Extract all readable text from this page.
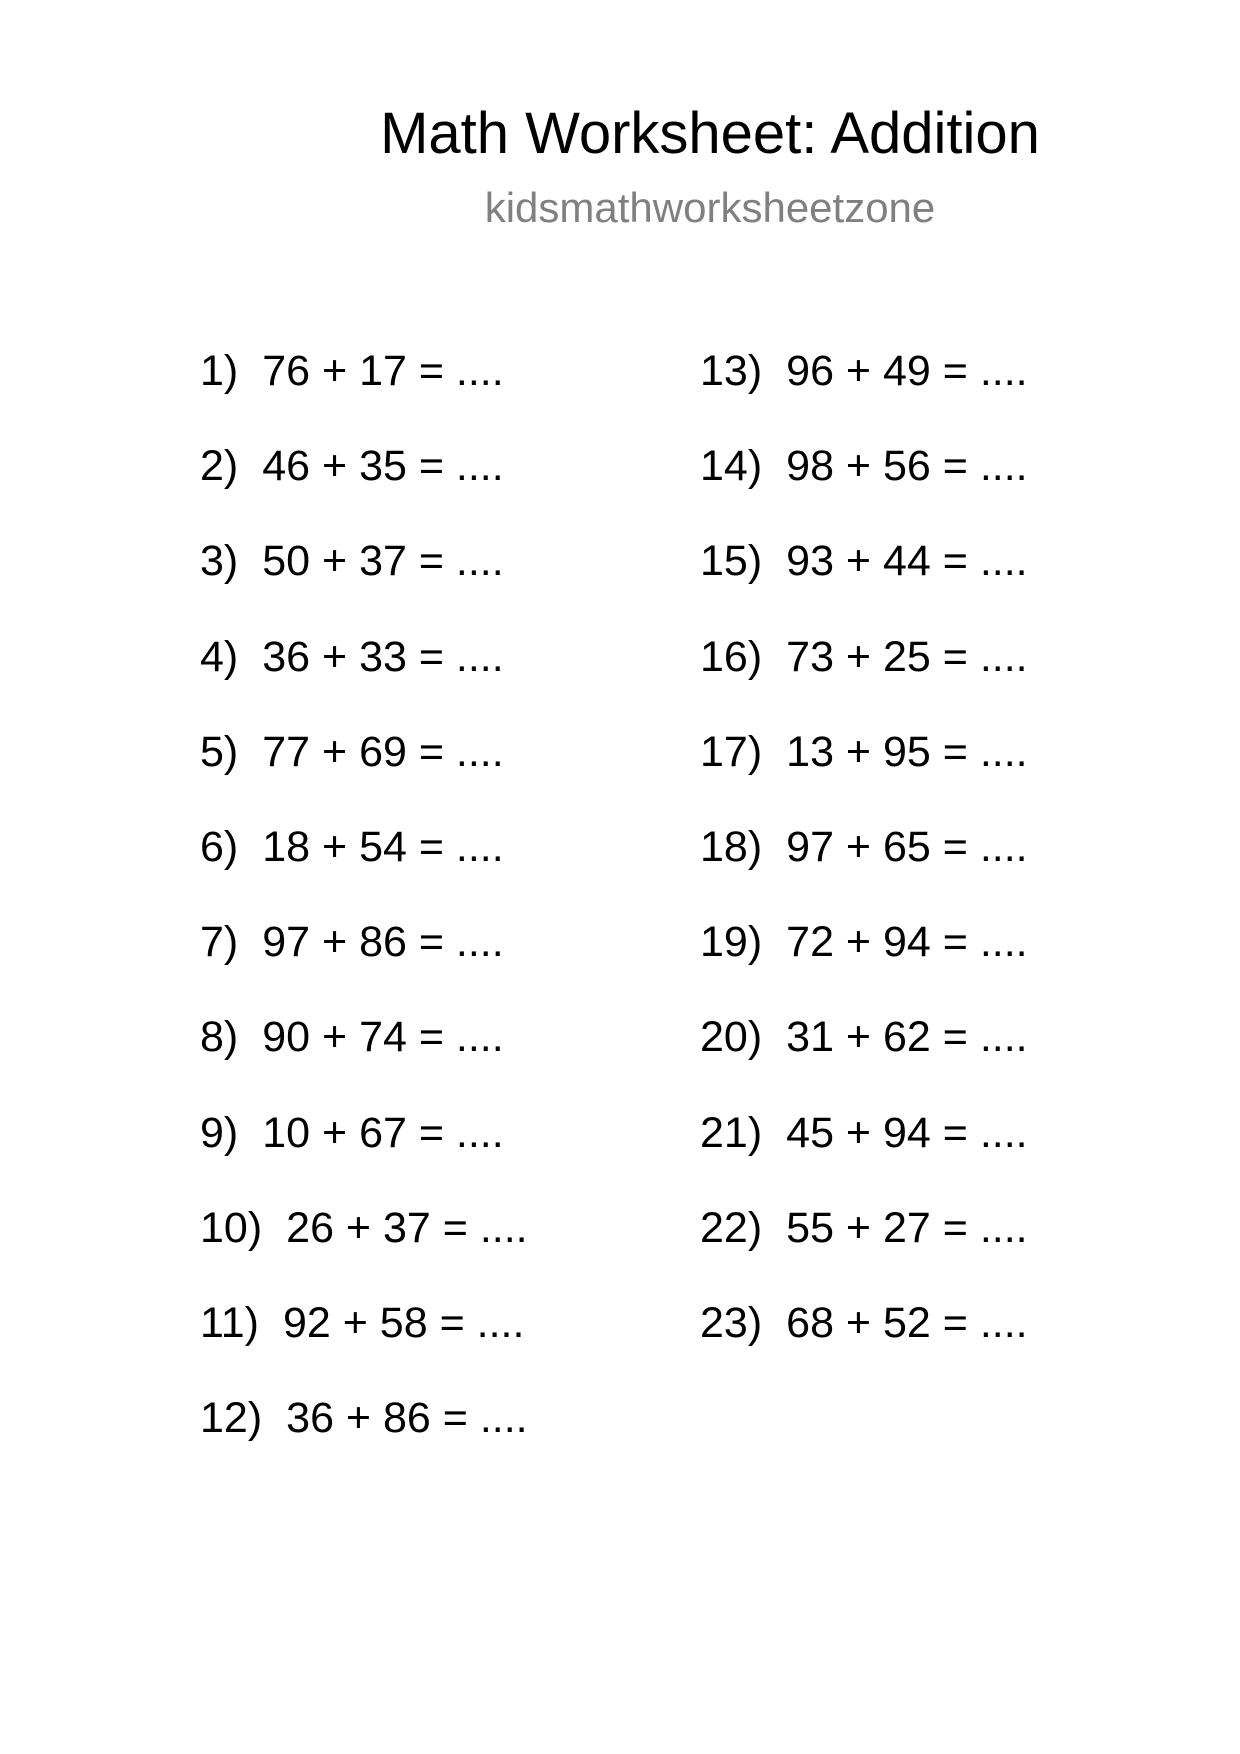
Math Worksheet: Addition
kidsmathworksheetzone
1) 76 + 17 = ....
2) 46 + 35 = ....
3) 50 + 37 = ....
4) 36 + 33 = ....
5) 77 + 69 = ....
6) 18 + 54 = ....
7) 97 + 86 = ....
8) 90 + 74 = ....
9) 10 + 67 = ....
10) 26 + 37 = ....
11) 92 + 58 = ....
12) 36 + 86 = ....
13) 96 + 49 = ....
14) 98 + 56 = ....
15) 93 + 44 = ....
16) 73 + 25 = ....
17) 13 + 95 = ....
18) 97 + 65 = ....
19) 72 + 94 = ....
20) 31 + 62 = ....
21) 45 + 94 = ....
22) 55 + 27 = ....
23) 68 + 52 = ....
